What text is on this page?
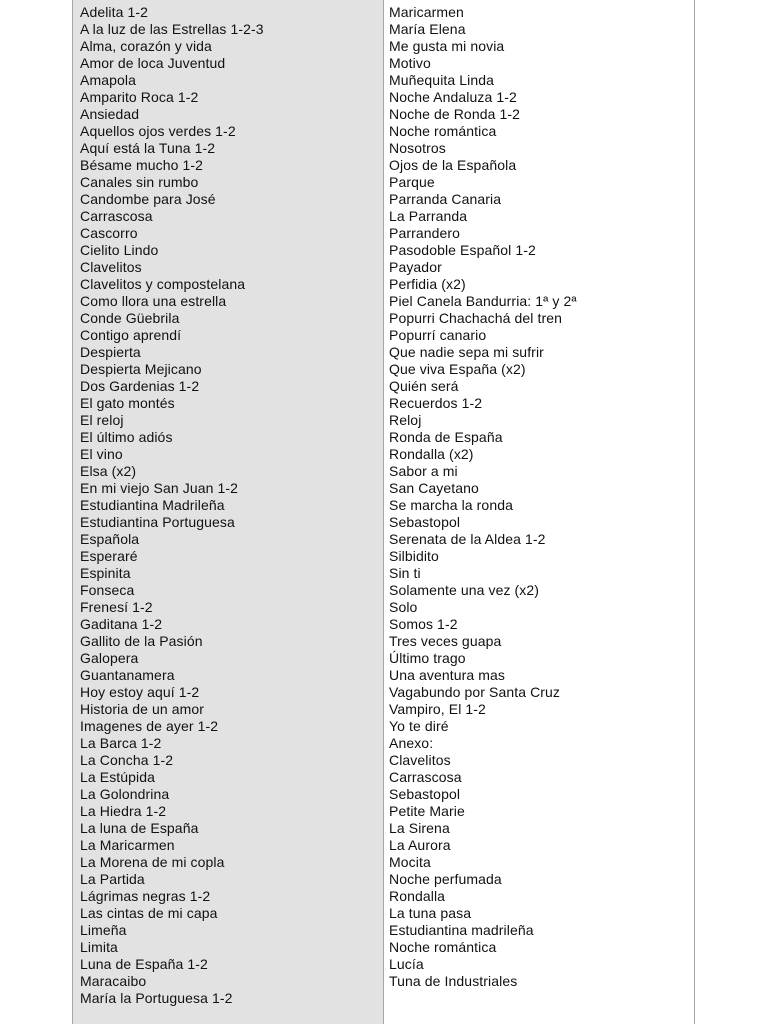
Adelita 1-2
A la luz de las Estrellas 1-2-3
Alma, corazón y vida
Amor de loca Juventud
Amapola
Amparito Roca 1-2
Ansiedad
Aquellos ojos verdes 1-2
Aquí está la Tuna 1-2
Bésame mucho 1-2
Canales sin rumbo
Candombe para José
Carrascosa
Cascorro
Cielito Lindo
Clavelitos
Clavelitos y compostelana
Como llora una estrella
Conde Güebrila
Contigo aprendí
Despierta
Despierta Mejicano
Dos Gardenias 1-2
El gato montés
El reloj
El último adiós
El vino
Elsa (x2)
En mi viejo San Juan 1-2
Estudiantina Madrileña
Estudiantina Portuguesa
Española
Esperaré
Espinita
Fonseca
Frenesí 1-2
Gaditana 1-2
Gallito de la Pasión
Galopera
Guantanamera
Hoy estoy aquí 1-2
Historia de un amor
Imagenes de ayer 1-2
La Barca 1-2
La Concha 1-2
La Estúpida
La Golondrina
La Hiedra 1-2
La luna de España
La Maricarmen
La Morena de mi copla
La Partida
Lágrimas negras 1-2
Las cintas de mi capa
Limeña
Limita
Luna de España 1-2
Maracaibo
María la Portuguesa 1-2
Maricarmen
María Elena
Me gusta mi novia
Motivo
Muñequita Linda
Noche Andaluza 1-2
Noche de Ronda 1-2
Noche romántica
Nosotros
Ojos de la Española
Parque
Parranda Canaria
La Parranda
Parrandero
Pasodoble Español 1-2
Payador
Perfidia (x2)
Piel Canela Bandurria: 1ª y 2ª
Popurri Chachachá del tren
Popurrí canario
Que nadie sepa mi sufrir
Que viva España (x2)
Quién será
Recuerdos 1-2
Reloj
Ronda de España
Rondalla (x2)
Sabor a mi
San Cayetano
Se marcha la ronda
Sebastopol
Serenata de la Aldea 1-2
Silbidito
Sin ti
Solamente una vez (x2)
Solo
Somos 1-2
Tres veces guapa
Último trago
Una aventura mas
Vagabundo por Santa Cruz
Vampiro, El 1-2
Yo te diré
Anexo:
Clavelitos
Carrascosa
Sebastopol
Petite Marie
La Sirena
La Aurora
Mocita
Noche perfumada
Rondalla
La tuna pasa
Estudiantina madrileña
Noche romántica
Lucía
Tuna de Industriales
